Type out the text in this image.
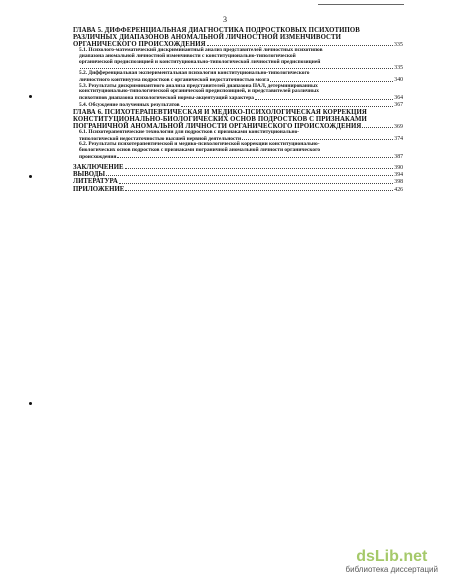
3
ГЛАВА 5. ДИФФЕРЕНЦИАЛЬНАЯ ДИАГНОСТИКА ПОДРОСТКОВЫХ ПСИХОТИПОВ
РАЗЛИЧНЫХ ДИАПАЗОНОВ АНОМАЛЬНОЙ ЛИЧНОСТНОЙ ИЗМЕНЧИВОСТИ
ОРГАНИЧЕСКОГО ПРОИСХОЖДЕНИЯ	335
5.1. Психолого-математический дискриминантный анализ представителей личностных психотипов
диапазона аномальной личностной изменчивости с конституционально-типологической
органической предиспозицией и конституционально-типологической личностной предиспозицией
335
5.2. Дифференциальная экспериментальная психология конституционально-типологического
личностного континуума подростков с органической недостаточностью мозга	340
5.3. Результаты дискриминантного анализа представителей диапазона ПАЛ, детерминированных
конституционально-типологической органической предиспозицией, и представителей различных
психотипов диапазона психологической нормы-акцентуаций характера	364
5.4. Обсуждение полученных результатов	367
ГЛАВА 6. ПСИХОТЕРАПЕВТИЧЕСКАЯ И МЕДИКО-ПСИХОЛОГИЧЕСКАЯ КОРРЕКЦИЯ
КОНСТИТУЦИОНАЛЬНО-БИОЛОГИЧЕСКИХ ОСНОВ ПОДРОСТКОВ С ПРИЗНАКАМИ
ПОГРАНИЧНОЙ АНОМАЛЬНОЙ ЛИЧНОСТИ ОРГАНИЧЕСКОГО ПРОИСХОЖДЕНИЯ	369
6.1. Психотерапевтические технологии для подростков с признаками конституционально-
типологической недостаточностью высшей нервной деятельности	374
6.2. Результаты психотерапевтической и медико-психологической коррекции конституционально-
биологических основ подростков с признаками пограничной аномальной личности органического
происхождения	387
ЗАКЛЮЧЕНИЕ	390
ВЫВОДЫ	394
ЛИТЕРАТУРА	398
ПРИЛОЖЕНИЕ	426
dsLib.net
библиотека диссертаций
